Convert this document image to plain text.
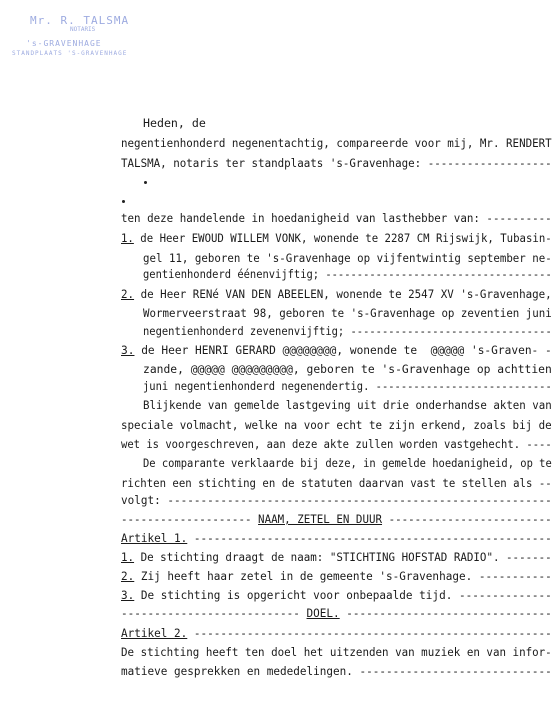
Mr. R. TALSMA
NOTARIS
's-GRAVENHAGE
STANDPLAATS 'S-GRAVENHAGE
Heden, de
negentienhonderd negenentachtig, compareerde voor mij, Mr. RENDERT
TALSMA, notaris ter standplaats 's-Gravenhage: -------------------
ten deze handelende in hoedanigheid van lasthebber van: ----------
1. de Heer EWOUD WILLEM VONK, wonende te 2287 CM Rijswijk, Tubasin-
gel 11, geboren te 's-Gravenhage op vijfentwintig september ne-
gentienhonderd éénenvijftig; ------------------------------------
2. de Heer RENé VAN DEN ABEELEN, wonende te 2547 XV 's-Gravenhage,
Wormerveerstraat 98, geboren te 's-Gravenhage op zeventien juni
negentienhonderd zevenenvijftig; --------------------------------
3. de Heer HENRI GERARD @@@@@@@@, wonende te  @@@@@ 's-Graven- -
zande, @@@@@ @@@@@@@@@, geboren te 's-Gravenhage op achttien
juni negentienhonderd negenendertig. ----------------------------
Blijkende van gemelde lastgeving uit drie onderhandse akten van
speciale volmacht, welke na voor echt te zijn erkend, zoals bij de
wet is voorgeschreven, aan deze akte zullen worden vastgehecht. ----
De comparante verklaarde bij deze, in gemelde hoedanigheid, op te
richten een stichting en de statuten daarvan vast te stellen als --
volgt: ----------------------------------------------------------
-------------------- NAAM, ZETEL EN DUUR -------------------------
Artikel 1. ------------------------------------------------------
1. De stichting draagt de naam: "STICHTING HOFSTAD RADIO". -------
2. Zij heeft haar zetel in de gemeente 's-Gravenhage. -----------
3. De stichting is opgericht voor onbepaalde tijd. --------------
--------------------------- DOEL. -------------------------------
Artikel 2. ------------------------------------------------------
De stichting heeft ten doel het uitzenden van muziek en van infor-
matieve gesprekken en mededelingen. -----------------------------
